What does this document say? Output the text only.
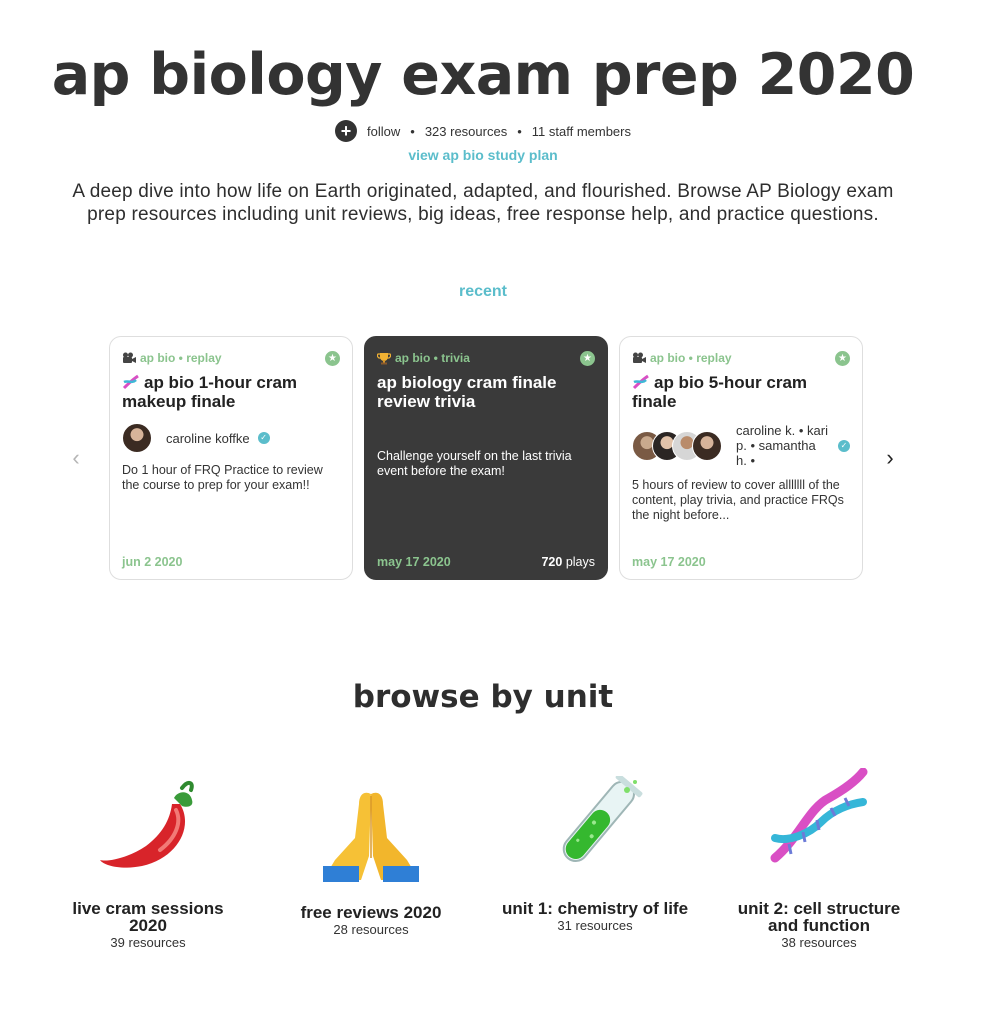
ap biology exam prep 2020
+	follow • 323 resources • 11 staff members
view ap bio study plan

A deep dive into how life on Earth originated, adapted, and flourished. Browse AP Biology exam prep resources including unit reviews, big ideas, free response help, and practice questions.

recent
‹	›
ap bio • replay	★
ap bio 1-hour cram makeup finale
caroline koffke	✓
Do 1 hour of FRQ Practice to review the course to prep for your exam!!
jun 2 2020
ap bio • trivia	★
ap biology cram finale review trivia
Challenge yourself on the last trivia event before the exam!
may 17 2020	720 plays
ap bio • replay	★
ap bio 5-hour cram finale
caroline k. • kari p. • samantha h. •
✓
5 hours of review to cover alllllll of the content, play trivia, and practice FRQs the night before...
may 17 2020
browse by unit
live cram sessions 2020
39 resources
free reviews 2020
28 resources
unit 1: chemistry of life
31 resources
unit 2: cell structure and function
38 resources
